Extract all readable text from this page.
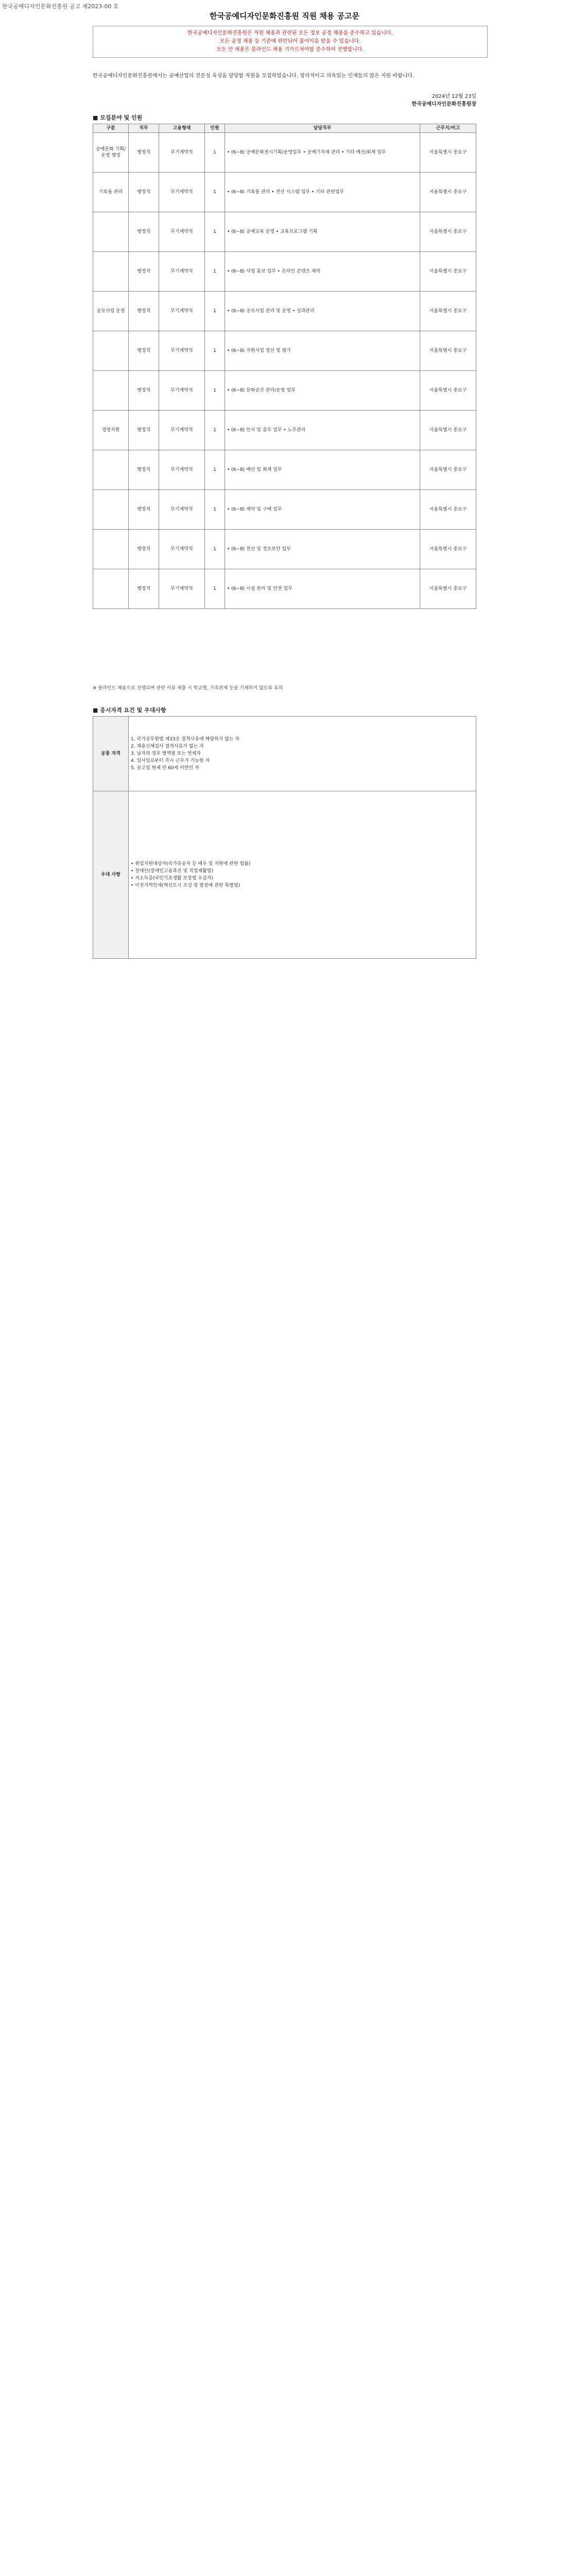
한국공예디자인문화진흥원 공고 제2023-00 호
한국공예디자인문화진흥원 직원 채용 공고문
한국공예디자인문화진흥원은 직원 채용과 관련된 모든 정보 공정 채용을 준수하고 있습니다.
모든 공정 채용 등 기준에 위반되어 불이익을 받을 수 있습니다.
모든 안 채용은 블라인드 채용 기가르쳐야할 준수하여 진행합니다.
한국공예디자인문화진흥원에서는 공예산업의 전문성 육성을 담당할 직원을 모집하였습니다. 창의적이고 의욕있는 인재들의 많은 지원 바랍니다.
2024년 12월 23일
한국공예디자인문화진흥원장
■ 모집분야 및 인원
구분	직무	고용형태	인원	담당직무	근무지/비고
공예문화 기획/운영 행정	행정직	무기계약직	1	• (6~8) 공예문화전시기획/운영업무 • 공예기자재 관리 • 기타 예산/회계 업무	서울특별시 종로구
기록물 관리	행정직	무기계약직	1	• (6~8) 기록물 관리 • 전산 시스템 업무 • 기타 관련업무	서울특별시 종로구
	행정직	무기계약직	1	• (6~8) 공예교육 운영 • 교육프로그램 기획	서울특별시 종로구
	행정직	무기계약직	1	• (6~8) 사업 홍보 업무 • 온라인 콘텐츠 제작	서울특별시 종로구
공모사업 운영	행정직	무기계약직	1	• (6~8) 공모사업 관리 및 운영 • 성과관리	서울특별시 종로구
	행정직	무기계약직	1	• (6~8) 지원사업 정산 및 평가	서울특별시 종로구
	행정직	무기계약직	1	• (6~8) 문화공간 관리/운영 업무	서울특별시 종로구
경영지원	행정직	무기계약직	1	• (6~8) 인사 및 총무 업무 • 노무관리	서울특별시 종로구
	행정직	무기계약직	1	• (6~8) 예산 및 회계 업무	서울특별시 종로구
	행정직	무기계약직	1	• (6~8) 계약 및 구매 업무	서울특별시 종로구
	행정직	무기계약직	1	• (6~8) 전산 및 정보보안 업무	서울특별시 종로구
	행정직	무기계약직	1	• (6~8) 시설 관리 및 안전 업무	서울특별시 종로구
※ 블라인드 채용으로 진행되며 관련 서류 제출 시 학교명, 가족관계 등을 기재하지 않도록 유의
■ 응시자격 요건 및 우대사항
공통 자격	1. 국가공무원법 제33조 결격사유에 해당하지 않는 자
2. 채용신체검사 결격사유가 없는 자
3. 남자의 경우 병역필 또는 면제자
4. 입사일로부터 즉시 근무가 가능한 자
5. 공고일 현재 만 60세 미만인 자

우대 사항	• 취업지원대상자(국가유공자 등 예우 및 지원에 관한 법률)
• 장애인(장애인고용촉진 및 직업재활법)
• 저소득층(국민기초생활 보장법 수급자)
• 이전지역인재(혁신도시 조성 및 발전에 관한 특별법)
